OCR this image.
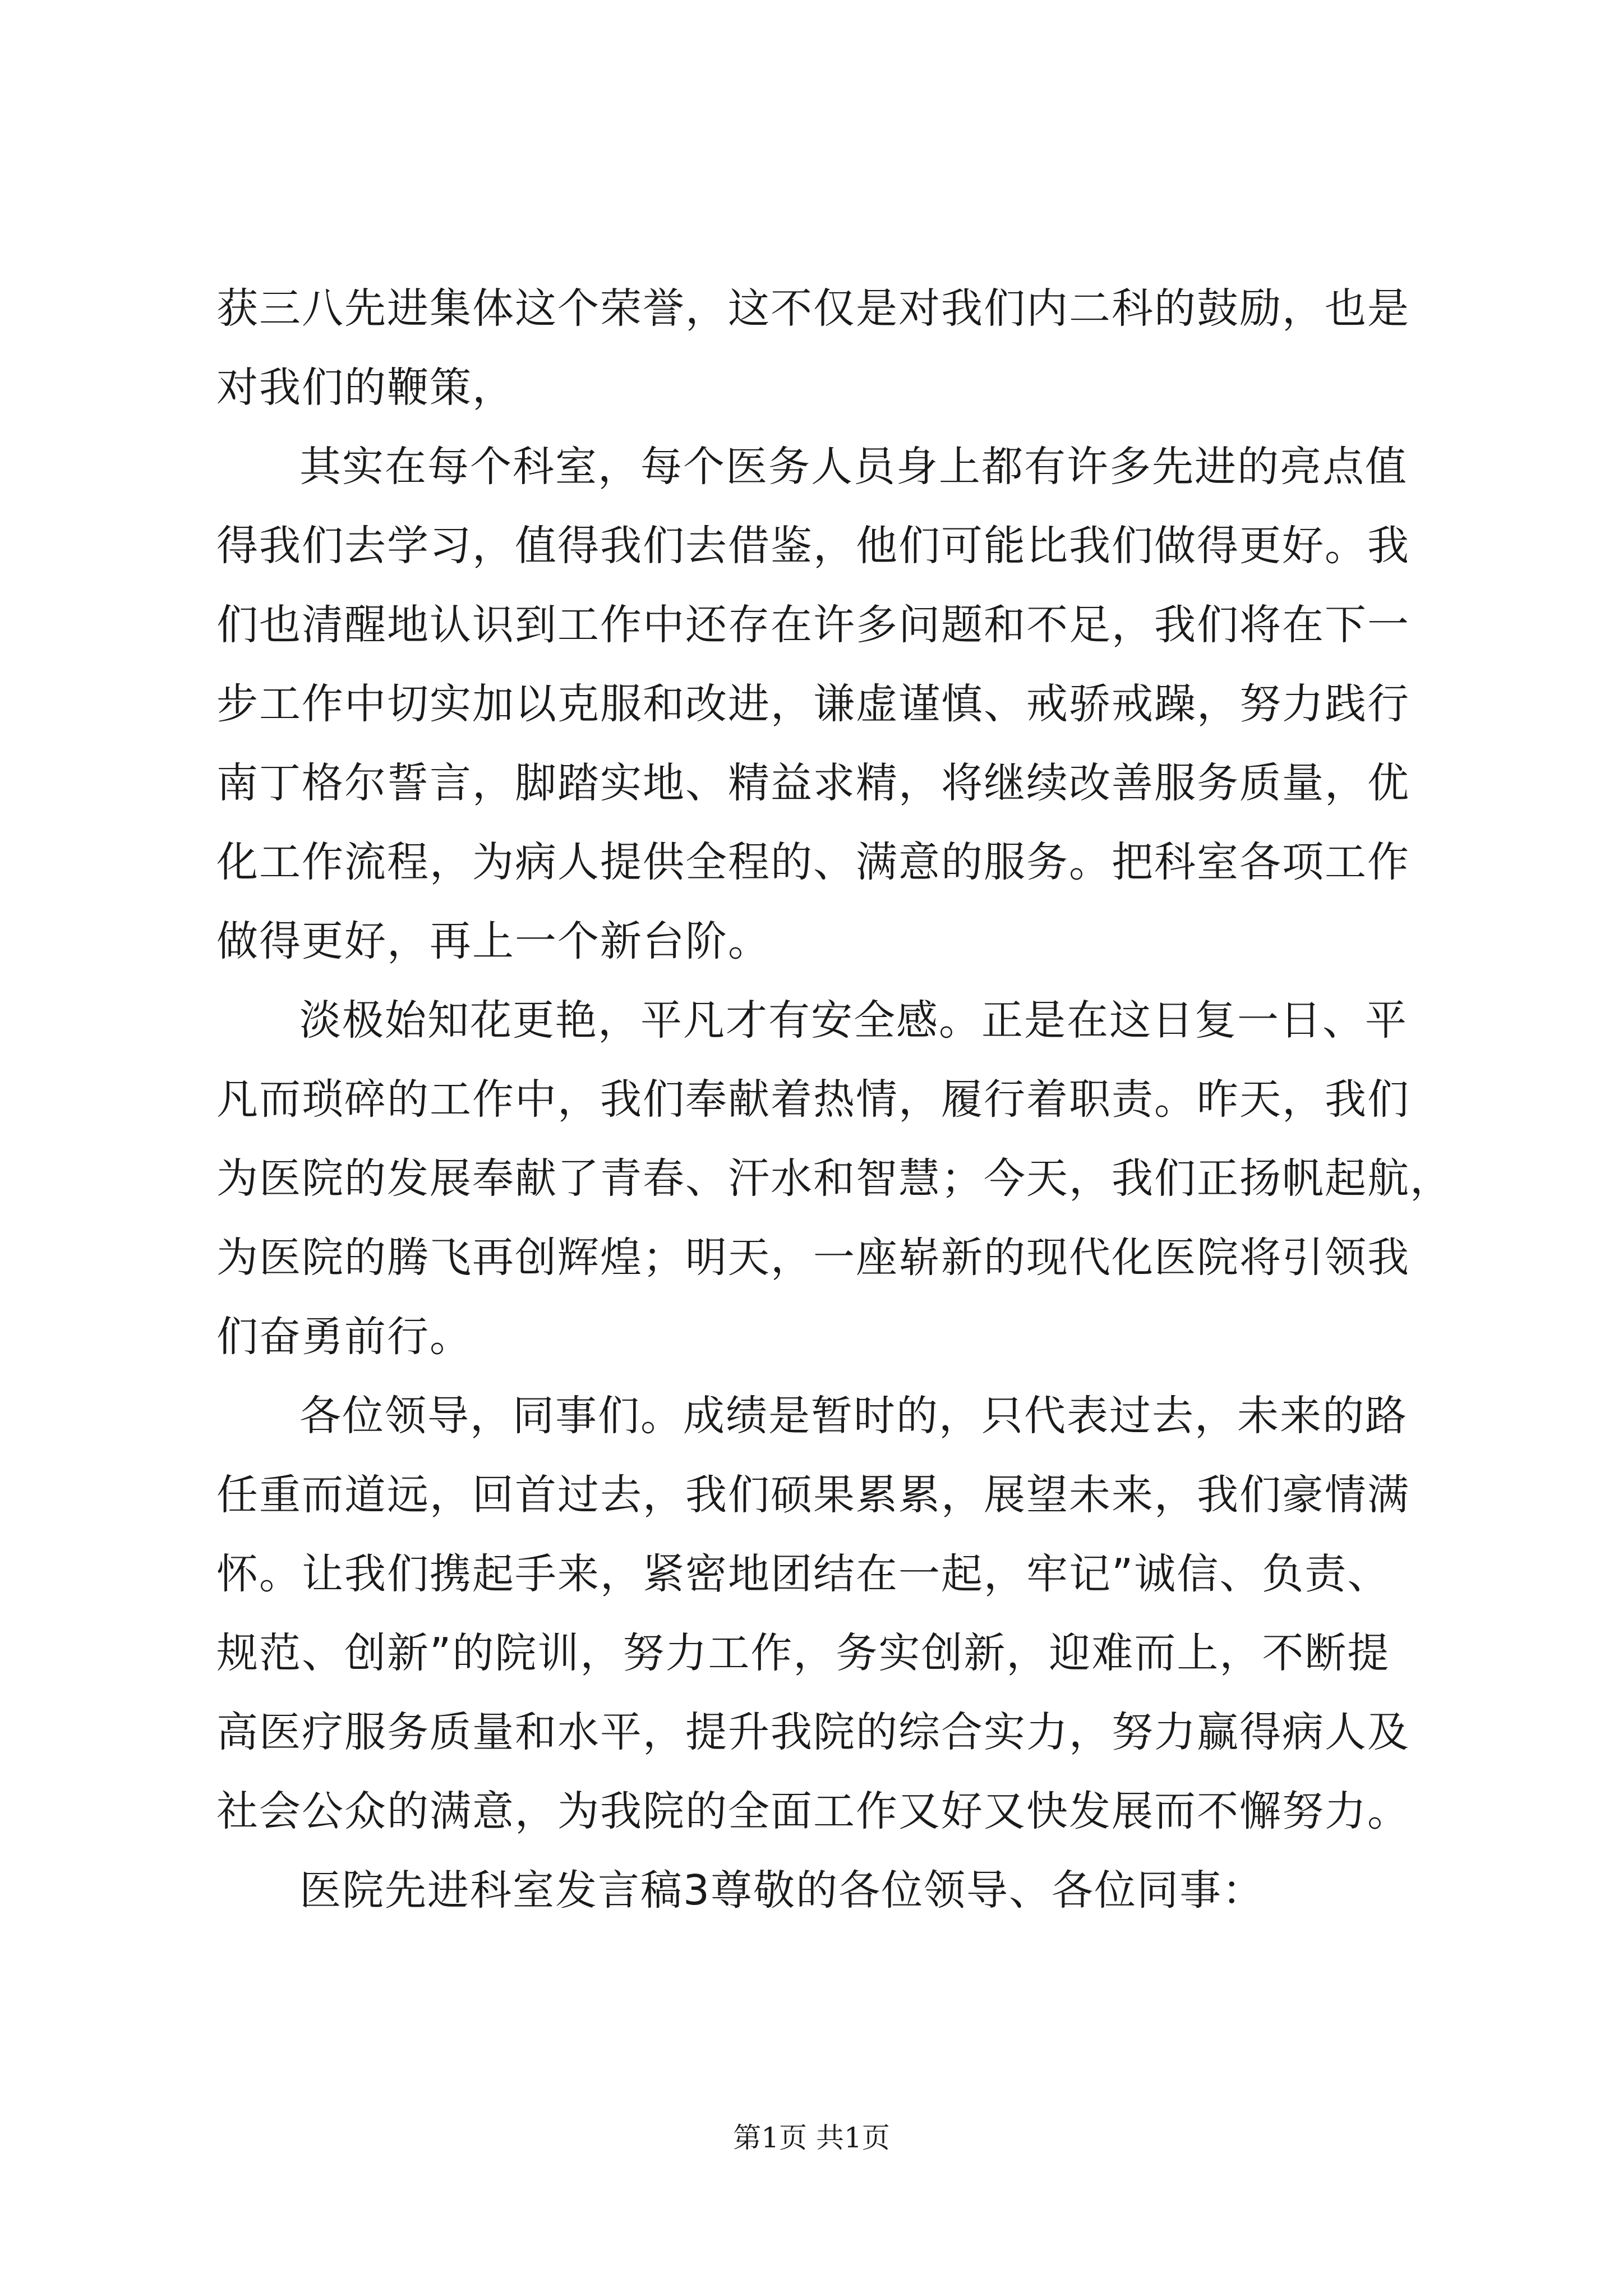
获三八先进集体这个荣誉，这不仅是对我们内二科的鼓励，也是
对我们的鞭策，

其实在每个科室，每个医务人员身上都有许多先进的亮点值
得我们去学习，值得我们去借鉴，他们可能比我们做得更好。我
们也清醒地认识到工作中还存在许多问题和不足，我们将在下一
步工作中切实加以克服和改进，谦虚谨慎、戒骄戒躁，努力践行
南丁格尔誓言，脚踏实地、精益求精，将继续改善服务质量，优
化工作流程，为病人提供全程的、满意的服务。把科室各项工作
做得更好，再上一个新台阶。

淡极始知花更艳，平凡才有安全感。正是在这日复一日、平
凡而琐碎的工作中，我们奉献着热情，履行着职责。昨天，我们
为医院的发展奉献了青春、汗水和智慧；今天，我们正扬帆起航，
为医院的腾飞再创辉煌；明天，一座崭新的现代化医院将引领我
们奋勇前行。

各位领导，同事们。成绩是暂时的，只代表过去，未来的路
任重而道远，回首过去，我们硕果累累，展望未来，我们豪情满
怀。让我们携起手来，紧密地团结在一起，牢记”诚信、负责、
规范、创新”的院训，努力工作，务实创新，迎难而上，不断提
高医疗服务质量和水平，提升我院的综合实力，努力赢得病人及
社会公众的满意，为我院的全面工作又好又快发展而不懈努力。

医院先进科室发言稿3尊敬的各位领导、各位同事：

第1页 共1页
